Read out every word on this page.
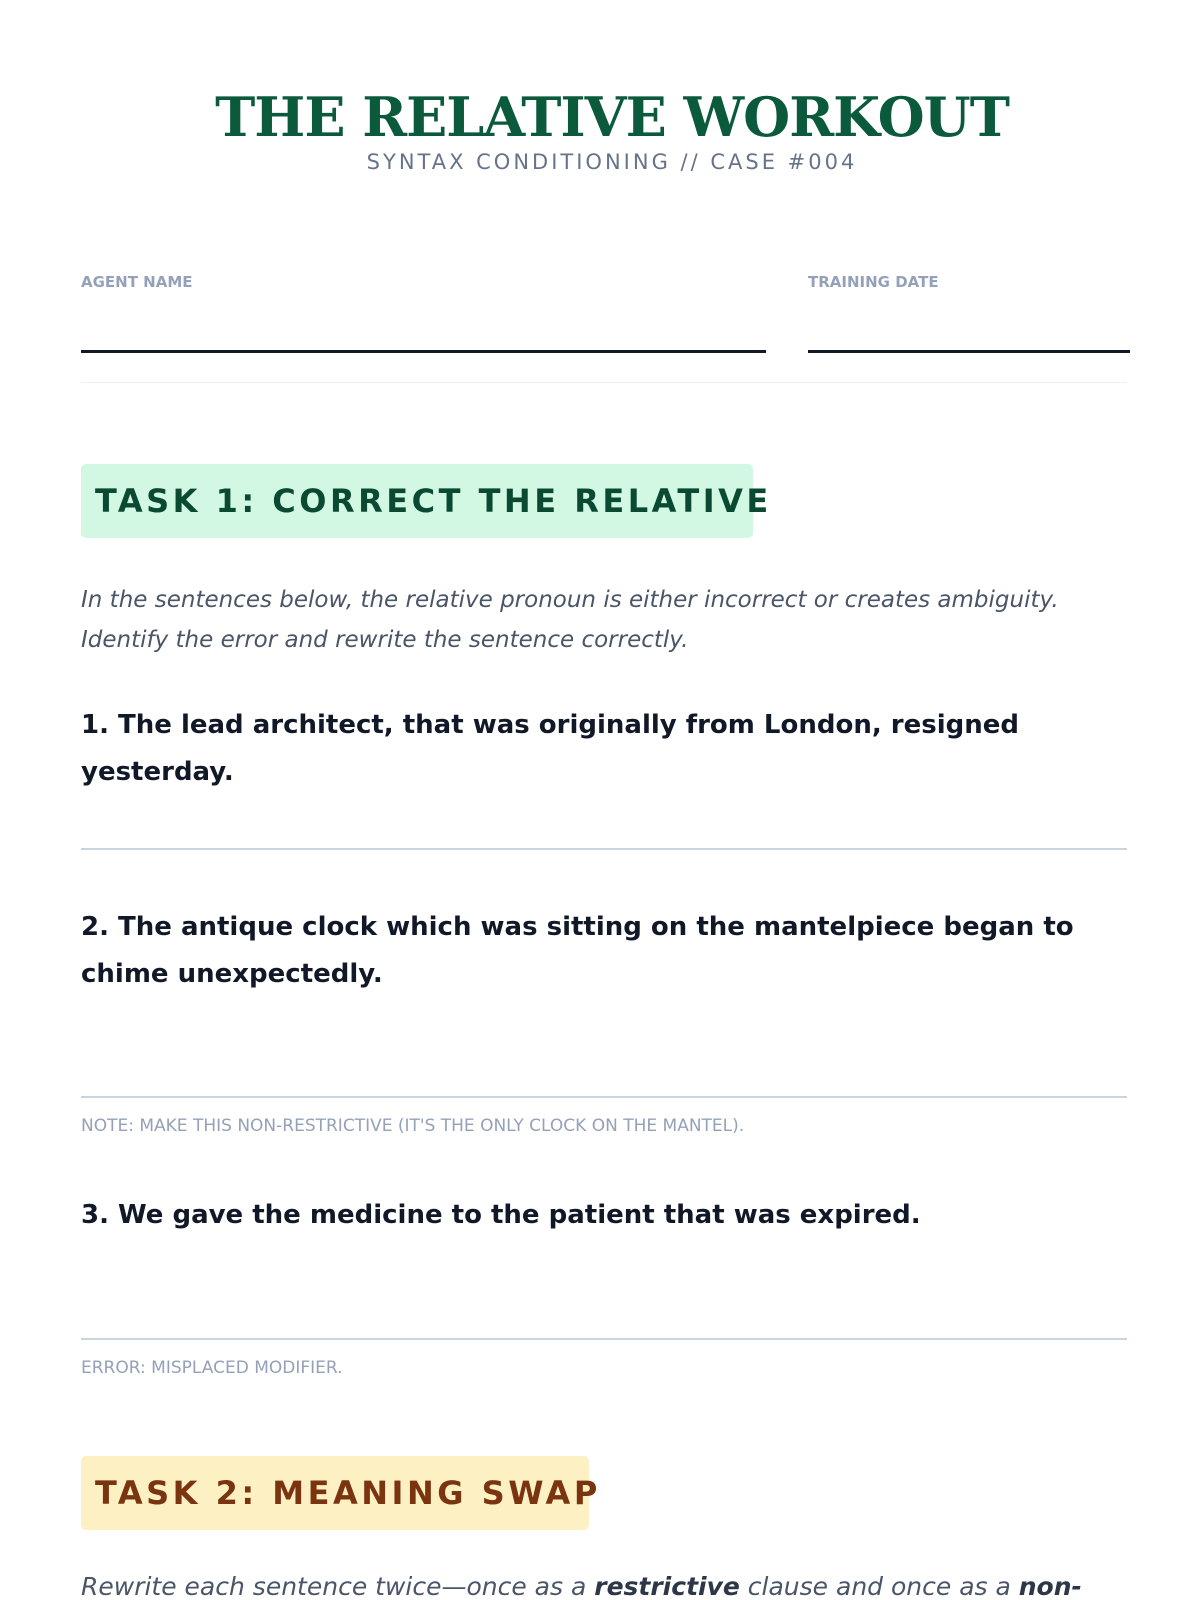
THE RELATIVE WORKOUT
SYNTAX CONDITIONING // CASE #004
AGENT NAME	TRAINING DATE
TASK 1: CORRECT THE RELATIVE
In the sentences below, the relative pronoun is either incorrect or creates ambiguity. Identify the error and rewrite the sentence correctly.
1. The lead architect, that was originally from London, resigned yesterday.
2. The antique clock which was sitting on the mantelpiece began to chime unexpectedly.
NOTE: MAKE THIS NON-RESTRICTIVE (IT'S THE ONLY CLOCK ON THE MANTEL).
3. We gave the medicine to the patient that was expired.
ERROR: MISPLACED MODIFIER.
TASK 2: MEANING SWAP
Rewrite each sentence twice—once as a restrictive clause and once as a non-
